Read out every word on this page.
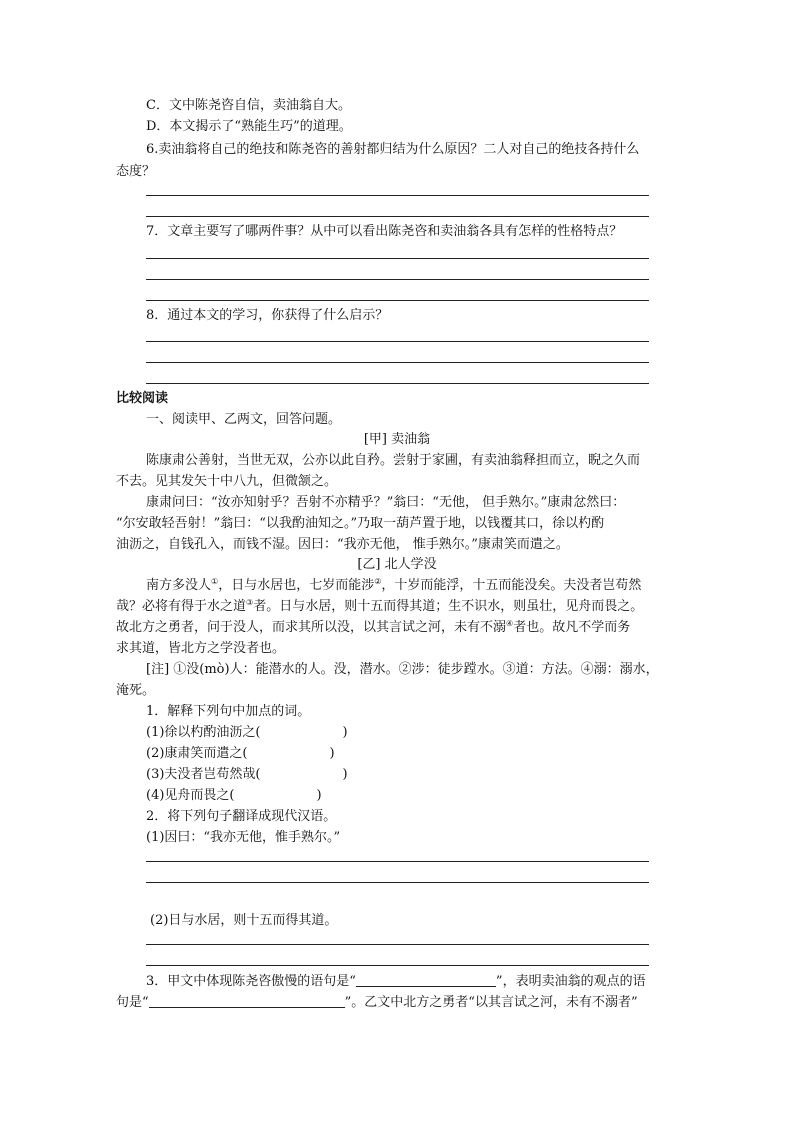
C．文中陈尧咨自信，卖油翁自大。
D．本文揭示了“熟能生巧”的道理。
6.卖油翁将自己的绝技和陈尧咨的善射都归结为什么原因？二人对自己的绝技各持什么
态度？
7．文章主要写了哪两件事？从中可以看出陈尧咨和卖油翁各具有怎样的性格特点？
8．通过本文的学习，你获得了什么启示？
比较阅读
一、阅读甲、乙两文，回答问题。
[甲] 卖油翁
陈康肃公善射，当世无双，公亦以此自矜。尝射于家圃，有卖油翁释担而立，睨之久而
不去。见其发矢十中八九，但微颔之。
康肃问曰：“汝亦知射乎？吾射不亦精乎？”翁曰：“无他， 但手熟尔。”康肃忿然曰：
“尔安敢轻吾射！”翁曰：“以我酌油知之。”乃取一葫芦置于地，以钱覆其口，徐以杓酌
油沥之，自钱孔入，而钱不湿。因曰：“我亦无他， 惟手熟尔。”康肃笑而遣之。
[乙] 北人学没
南方多没人①，日与水居也，七岁而能涉②，十岁而能浮，十五而能没矣。夫没者岂苟然
哉？必将有得于水之道③者。日与水居，则十五而得其道；生不识水，则虽壮，见舟而畏之。
故北方之勇者，问于没人，而求其所以没，以其言试之河，未有不溺④者也。故凡不学而务
求其道，皆北方之学没者也。
[注] ①没(mò)人：能潜水的人。没，潜水。②涉：徒步蹚水。③道：方法。④溺：溺水，
淹死。
1．解释下列句中加点的词。
(1)徐以杓酌油沥之(	)
(2)康肃笑而遣之(	)
(3)夫没者岂苟然哉(	)
(4)见舟而畏之(	)
2．将下列句子翻译成现代汉语。
(1)因曰：“我亦无他，惟手熟尔。”
(2)日与水居，则十五而得其道。
3．甲文中体现陈尧咨傲慢的语句是“	”，表明卖油翁的观点的语
句是“	”。乙文中北方之勇者“以其言试之河，未有不溺者”
